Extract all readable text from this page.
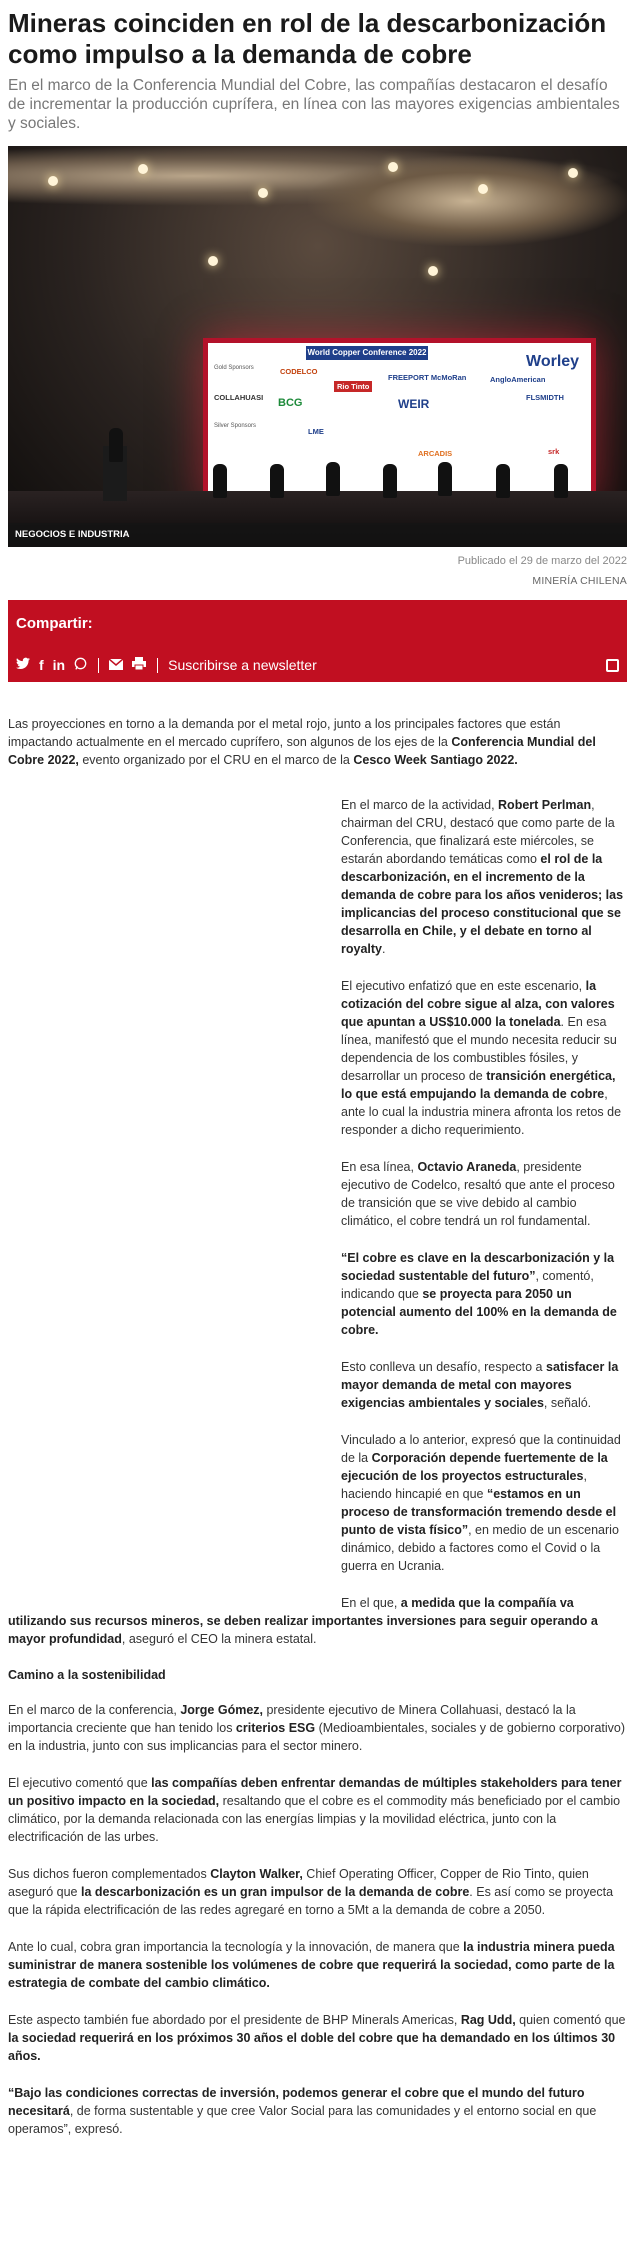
Mineras coinciden en rol de la descarbonización como impulso a la demanda de cobre

En el marco de la Conferencia Mundial del Cobre, las compañías destacaron el desafío de incrementar la producción cuprífera, en línea con las mayores exigencias ambientales y sociales.

World Copper Conference 2022
Gold Sponsors	CODELCO
Rio Tinto
FREEPORT McMoRan	AngloAmerican
Worley
COLLAHUASI BCG	WEIR	FLSMIDTH
Silver Sponsors
LME
ARCADIS	srk
NEGOCIOS E INDUSTRIA
Publicado el 29 de marzo del 2022
MINERÍA CHILENA
Compartir:
f in	Suscribirse a newsletter

Las proyecciones en torno a la demanda por el metal rojo, junto a los principales factores que están impactando actualmente en el mercado cuprífero, son algunos de los ejes de la Conferencia Mundial del Cobre 2022, evento organizado por el CRU en el marco de la Cesco Week Santiago 2022.

En el marco de la actividad, Robert Perlman, chairman del CRU, destacó que como parte de la Conferencia, que finalizará este miércoles, se estarán abordando temáticas como el rol de la descarbonización, en el incremento de la demanda de cobre para los años venideros; las implicancias del proceso constitucional que se desarrolla en Chile, y el debate en torno al royalty.

El ejecutivo enfatizó que en este escenario, la cotización del cobre sigue al alza, con valores que apuntan a US$10.000 la tonelada. En esa línea, manifestó que el mundo necesita reducir su dependencia de los combustibles fósiles, y desarrollar un proceso de transición energética, lo que está empujando la demanda de cobre, ante lo cual la industria minera afronta los retos de responder a dicho requerimiento.

En esa línea, Octavio Araneda, presidente ejecutivo de Codelco, resaltó que ante el proceso de transición que se vive debido al cambio climático, el cobre tendrá un rol fundamental.

“El cobre es clave en la descarbonización y la sociedad sustentable del futuro”, comentó, indicando que se proyecta para 2050 un potencial aumento del 100% en la demanda de cobre.

Esto conlleva un desafío, respecto a satisfacer la mayor demanda de metal con mayores exigencias ambientales y sociales, señaló.

Vinculado a lo anterior, expresó que la continuidad de la Corporación depende fuertemente de la ejecución de los proyectos estructurales, haciendo hincapié en que “estamos en un proceso de transformación tremendo desde el punto de vista físico”, en medio de un escenario dinámico, debido a factores como el Covid o la guerra en Ucrania.

En el que, a medida que la compañía va

utilizando sus recursos mineros, se deben realizar importantes inversiones para seguir operando a mayor profundidad, aseguró el CEO la minera estatal.

Camino a la sostenibilidad

En el marco de la conferencia, Jorge Gómez, presidente ejecutivo de Minera Collahuasi, destacó la la importancia creciente que han tenido los criterios ESG (Medioambientales, sociales y de gobierno corporativo) en la industria, junto con sus implicancias para el sector minero.

El ejecutivo comentó que las compañías deben enfrentar demandas de múltiples stakeholders para tener un positivo impacto en la sociedad, resaltando que el cobre es el commodity más beneficiado por el cambio climático, por la demanda relacionada con las energías limpias y la movilidad eléctrica, junto con la electrificación de las urbes.

Sus dichos fueron complementados Clayton Walker, Chief Operating Officer, Copper de Rio Tinto, quien aseguró que la descarbonización es un gran impulsor de la demanda de cobre. Es así como se proyecta que la rápida electrificación de las redes agregaré en torno a 5Mt a la demanda de cobre a 2050.

Ante lo cual, cobra gran importancia la tecnología y la innovación, de manera que la industria minera pueda suministrar de manera sostenible los volúmenes de cobre que requerirá la sociedad, como parte de la estrategia de combate del cambio climático.

Este aspecto también fue abordado por el presidente de BHP Minerals Americas, Rag Udd, quien comentó que la sociedad requerirá en los próximos 30 años el doble del cobre que ha demandado en los últimos 30 años.

“Bajo las condiciones correctas de inversión, podemos generar el cobre que el mundo del futuro necesitará, de forma sustentable y que cree Valor Social para las comunidades y el entorno social en que operamos”, expresó.
